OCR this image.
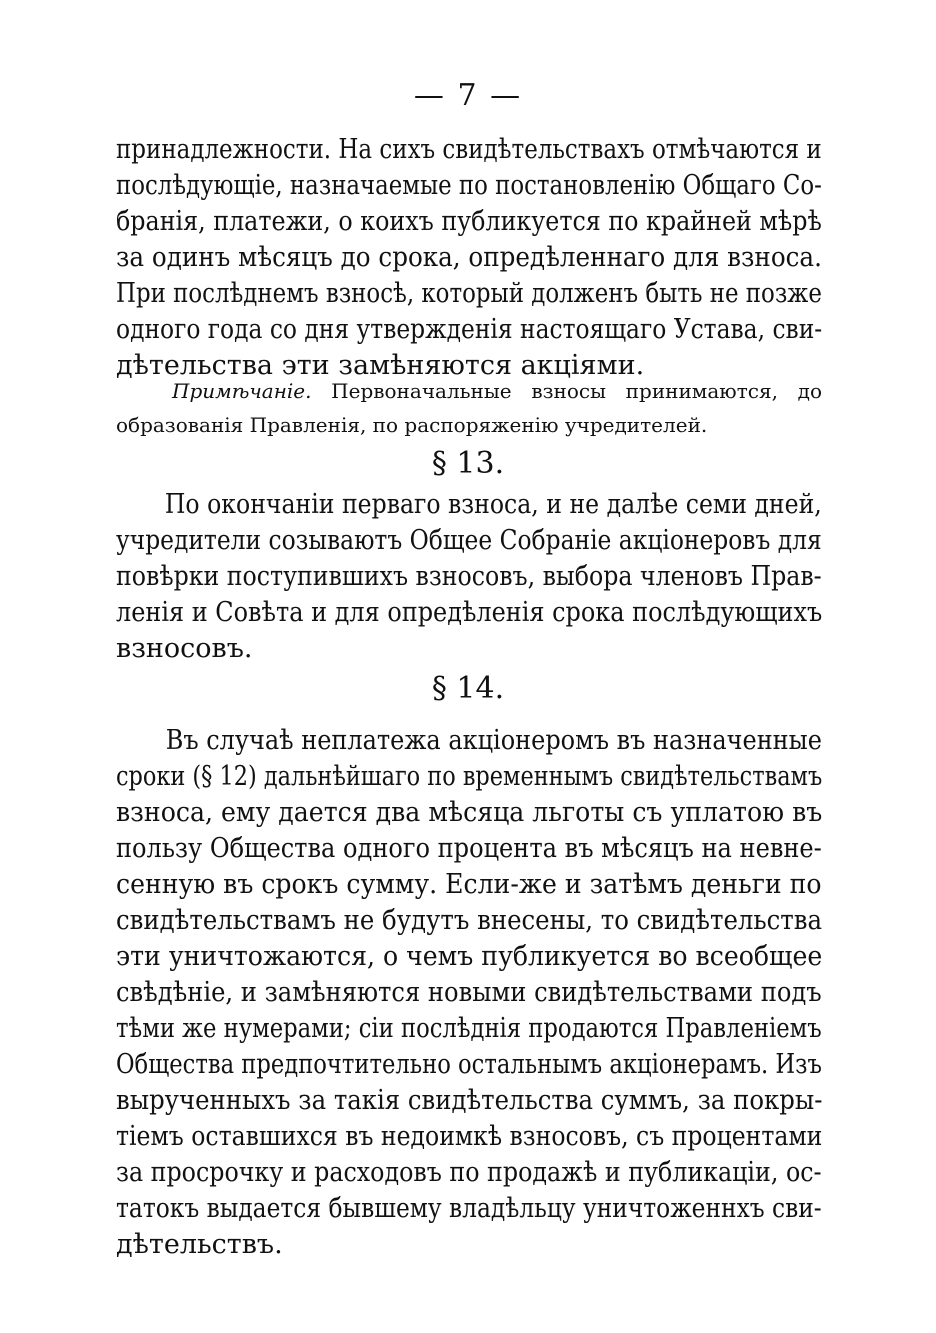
— 7 —
принадлежности. На сихъ свидѣтельствахъ отмѣчаются и
послѣдующіе, назначаемые по постановленію Общаго Со-
бранія, платежи, о коихъ публикуется по крайней мѣрѣ
за одинъ мѣсяцъ до срока, опредѣленнаго для взноса.
При послѣднемъ взносѣ, который долженъ быть не позже
одного года со дня утвержденія настоящаго Устава, сви-
дѣтельства эти замѣняются акціями.
Примѣчаніе. Первоначальные взносы принимаются, до
образованія Правленія, по распоряженію учредителей.
§ 13.
По окончаніи перваго взноса, и не далѣе семи дней,
учредители созываютъ Общее Собраніе акціонеровъ для
повѣрки поступившихъ взносовъ, выбора членовъ Прав-
ленія и Совѣта и для опредѣленія срока послѣдующихъ
взносовъ.
§ 14.
Въ случаѣ неплатежа акціонеромъ въ назначенные
сроки (§ 12) дальнѣйшаго по временнымъ свидѣтельствамъ
взноса, ему дается два мѣсяца льготы съ уплатою въ
пользу Общества одного процента въ мѣсяцъ на невне-
сенную въ срокъ сумму. Если-же и затѣмъ деньги по
свидѣтельствамъ не будутъ внесены, то свидѣтельства
эти уничтожаются, о чемъ публикуется во всеобщее
свѣдѣніе, и замѣняются новыми свидѣтельствами подъ
тѣми же нумерами; сіи послѣднія продаются Правленіемъ
Общества предпочтительно остальнымъ акціонерамъ. Изъ
вырученныхъ за такія свидѣтельства суммъ, за покры-
тіемъ оставшихся въ недоимкѣ взносовъ, съ процентами
за просрочку и расходовъ по продажѣ и публикаціи, ос-
татокъ выдается бывшему владѣльцу уничтоженнхъ сви-
дѣтельствъ.
